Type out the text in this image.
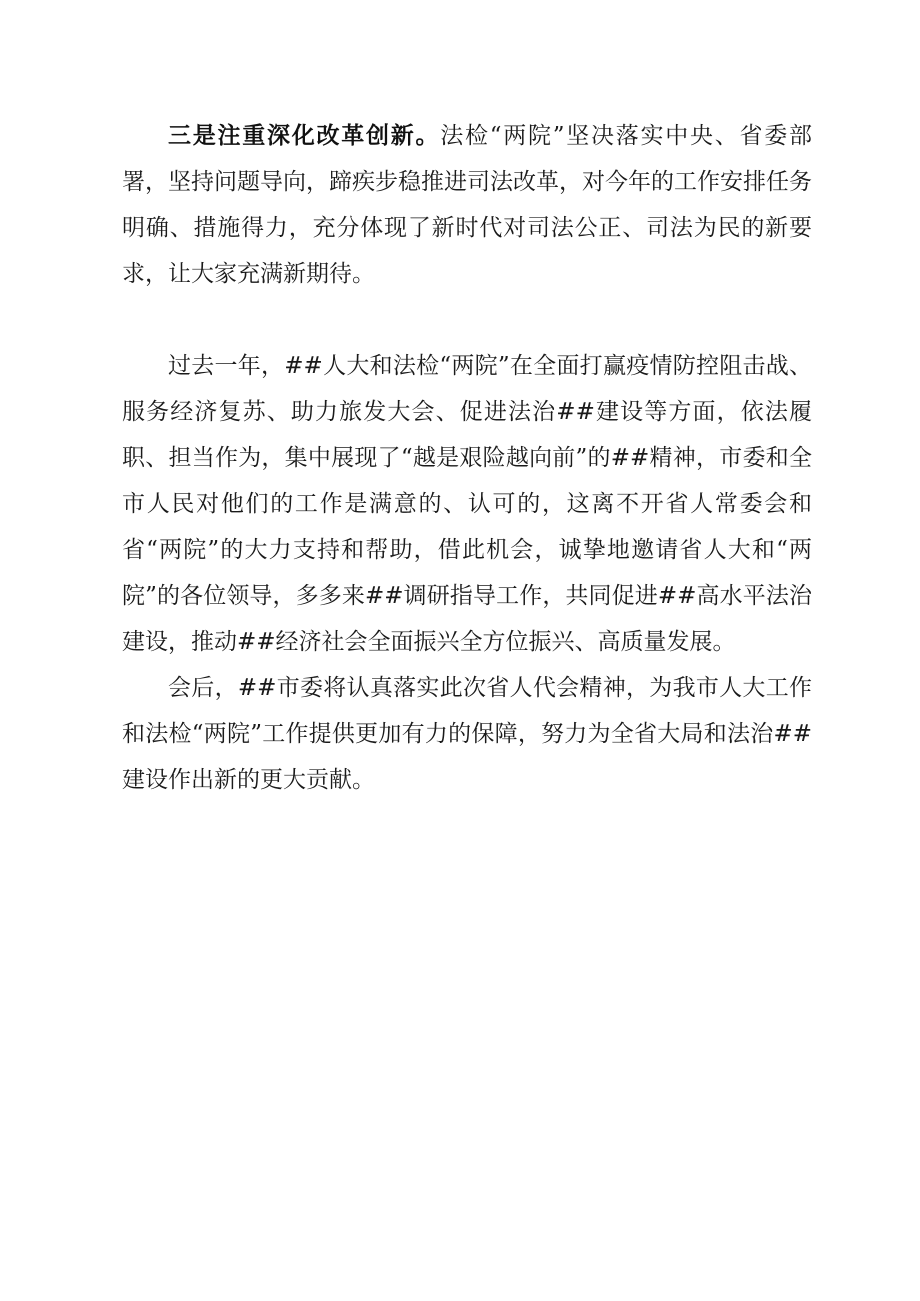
三是注重深化改革创新。法检“两院”坚决落实中央、省委部署，坚持问题导向，蹄疾步稳推进司法改革，对今年的工作安排任务明确、措施得力，充分体现了新时代对司法公正、司法为民的新要求，让大家充满新期待。

过去一年，##人大和法检“两院”在全面打赢疫情防控阻击战、服务经济复苏、助力旅发大会、促进法治##建设等方面，依法履职、担当作为，集中展现了“越是艰险越向前”的##精神，市委和全市人民对他们的工作是满意的、认可的，这离不开省人常委会和省“两院”的大力支持和帮助，借此机会，诚挚地邀请省人大和“两院”的各位领导，多多来##调研指导工作，共同促进##高水平法治建设，推动##经济社会全面振兴全方位振兴、高质量发展。

会后，##市委将认真落实此次省人代会精神，为我市人大工作和法检“两院”工作提供更加有力的保障，努力为全省大局和法治##建设作出新的更大贡献。
